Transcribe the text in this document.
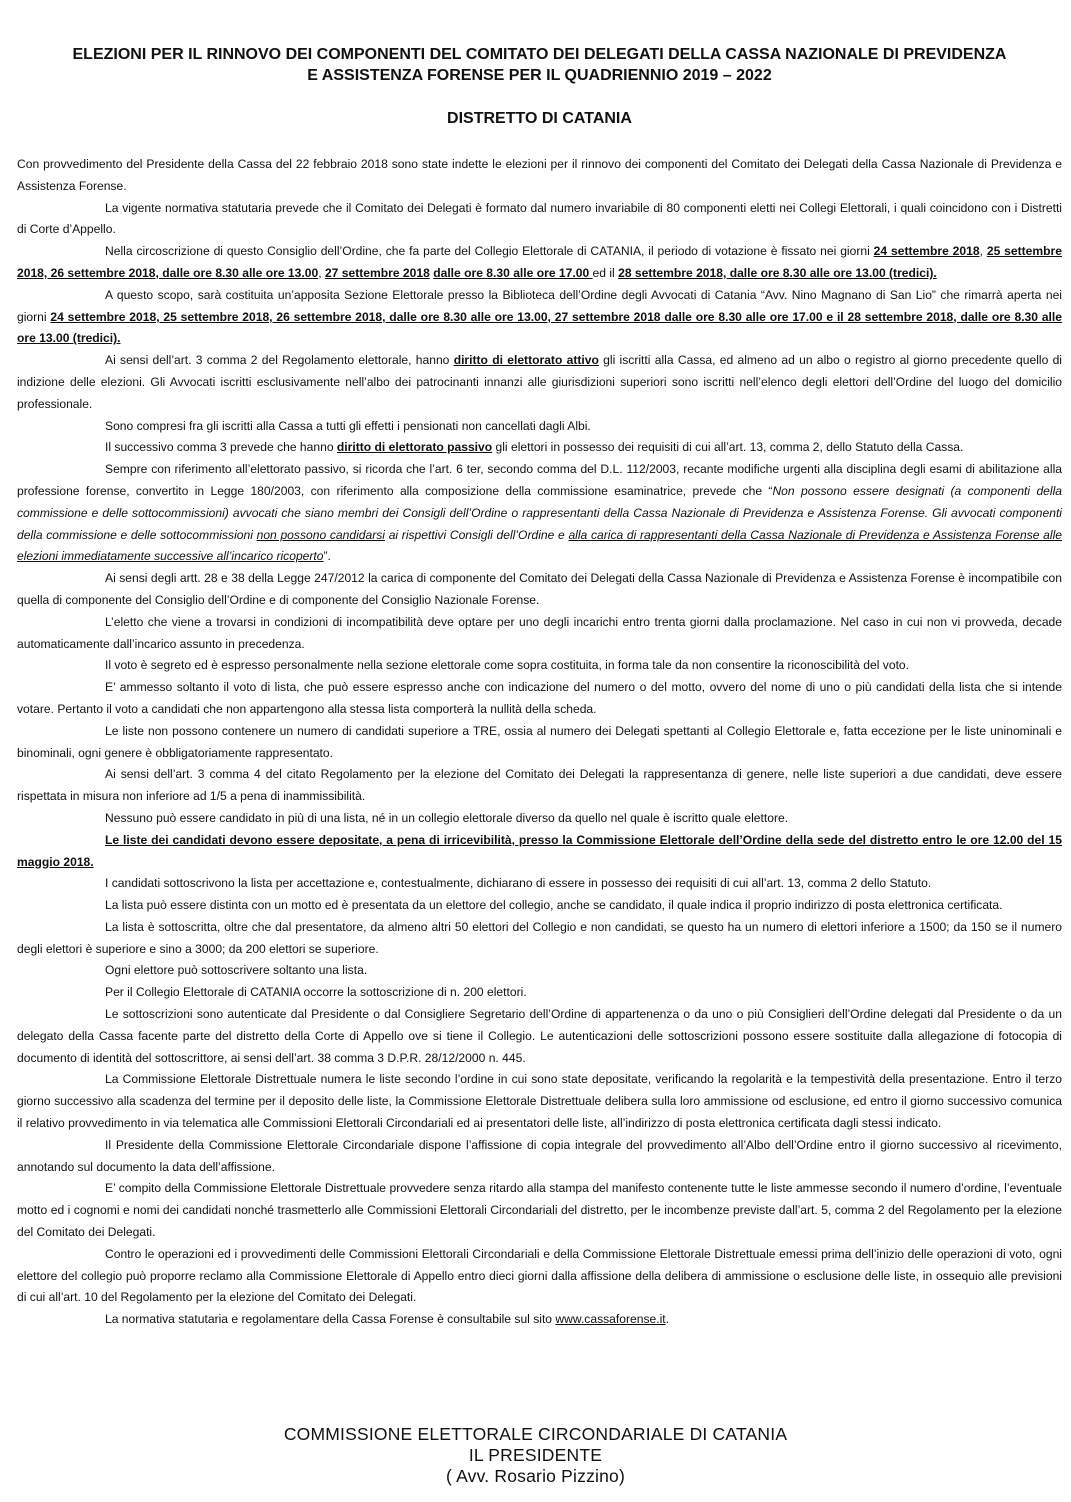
ELEZIONI PER IL RINNOVO DEI COMPONENTI DEL COMITATO DEI DELEGATI DELLA CASSA NAZIONALE DI PREVIDENZA
E ASSISTENZA FORENSE PER IL QUADRIENNIO 2019 – 2022
DISTRETTO DI CATANIA

Con provvedimento del Presidente della Cassa del 22 febbraio 2018 sono state indette le elezioni per il rinnovo dei componenti del Comitato dei Delegati della Cassa Nazionale di Previdenza e Assistenza Forense.

La vigente normativa statutaria prevede che il Comitato dei Delegati è formato dal numero invariabile di 80 componenti eletti nei Collegi Elettorali, i quali coincidono con i Distretti di Corte d’Appello.

Nella circoscrizione di questo Consiglio dell’Ordine, che fa parte del Collegio Elettorale di CATANIA, il periodo di votazione è fissato nei giorni 24 settembre 2018, 25 settembre 2018, 26 settembre 2018, dalle ore 8.30 alle ore 13.00, 27 settembre 2018 dalle ore 8.30 alle ore 17.00 ed il 28 settembre 2018, dalle ore 8.30 alle ore 13.00 (tredici).

A questo scopo, sarà costituita un’apposita Sezione Elettorale presso la Biblioteca dell’Ordine degli Avvocati di Catania “Avv. Nino Magnano di San Lio” che rimarrà aperta nei giorni 24 settembre 2018, 25 settembre 2018, 26 settembre 2018, dalle ore 8.30 alle ore 13.00, 27 settembre 2018 dalle ore 8.30 alle ore 17.00 e il 28 settembre 2018, dalle ore 8.30 alle ore 13.00 (tredici).

Ai sensi dell’art. 3 comma 2 del Regolamento elettorale, hanno diritto di elettorato attivo gli iscritti alla Cassa, ed almeno ad un albo o registro al giorno precedente quello di indizione delle elezioni. Gli Avvocati iscritti esclusivamente nell’albo dei patrocinanti innanzi alle giurisdizioni superiori sono iscritti nell’elenco degli elettori dell’Ordine del luogo del domicilio professionale.

Sono compresi fra gli iscritti alla Cassa a tutti gli effetti i pensionati non cancellati dagli Albi.

Il successivo comma 3 prevede che hanno diritto di elettorato passivo gli elettori in possesso dei requisiti di cui all’art. 13, comma 2, dello Statuto della Cassa.

Sempre con riferimento all’elettorato passivo, si ricorda che l’art. 6 ter, secondo comma del D.L. 112/2003, recante modifiche urgenti alla disciplina degli esami di abilitazione alla professione forense, convertito in Legge 180/2003, con riferimento alla composizione della commissione esaminatrice, prevede che “Non possono essere designati (a componenti della commissione e delle sottocommissioni) avvocati che siano membri dei Consigli dell’Ordine o rappresentanti della Cassa Nazionale di Previdenza e Assistenza Forense. Gli avvocati componenti della commissione e delle sottocommissioni non possono candidarsi ai rispettivi Consigli dell’Ordine e alla carica di rappresentanti della Cassa Nazionale di Previdenza e Assistenza Forense alle elezioni immediatamente successive all’incarico ricoperto”.

Ai sensi degli artt. 28 e 38 della Legge 247/2012 la carica di componente del Comitato dei Delegati della Cassa Nazionale di Previdenza e Assistenza Forense è incompatibile con quella di componente del Consiglio dell’Ordine e di componente del Consiglio Nazionale Forense.

L’eletto che viene a trovarsi in condizioni di incompatibilità deve optare per uno degli incarichi entro trenta giorni dalla proclamazione. Nel caso in cui non vi provveda, decade automaticamente dall’incarico assunto in precedenza.

Il voto è segreto ed è espresso personalmente nella sezione elettorale come sopra costituita, in forma tale da non consentire la riconoscibilità del voto.

E’ ammesso soltanto il voto di lista, che può essere espresso anche con indicazione del numero o del motto, ovvero del nome di uno o più candidati della lista che si intende votare. Pertanto il voto a candidati che non appartengono alla stessa lista comporterà la nullità della scheda.

Le liste non possono contenere un numero di candidati superiore a TRE, ossia al numero dei Delegati spettanti al Collegio Elettorale e, fatta eccezione per le liste uninominali e binominali, ogni genere è obbligatoriamente rappresentato.

Ai sensi dell’art. 3 comma 4 del citato Regolamento per la elezione del Comitato dei Delegati la rappresentanza di genere, nelle liste superiori a due candidati, deve essere rispettata in misura non inferiore ad 1/5 a pena di inammissibilità.

Nessuno può essere candidato in più di una lista, né in un collegio elettorale diverso da quello nel quale è iscritto quale elettore.

Le liste dei candidati devono essere depositate, a pena di irricevibilità, presso la Commissione Elettorale dell’Ordine della sede del distretto entro le ore 12.00 del 15 maggio 2018.

I candidati sottoscrivono la lista per accettazione e, contestualmente, dichiarano di essere in possesso dei requisiti di cui all’art. 13, comma 2 dello Statuto.

La lista può essere distinta con un motto ed è presentata da un elettore del collegio, anche se candidato, il quale indica il proprio indirizzo di posta elettronica certificata.

La lista è sottoscritta, oltre che dal presentatore, da almeno altri 50 elettori del Collegio e non candidati, se questo ha un numero di elettori inferiore a 1500; da 150 se il numero degli elettori è superiore e sino a 3000; da 200 elettori se superiore.

Ogni elettore può sottoscrivere soltanto una lista.

Per il Collegio Elettorale di CATANIA occorre la sottoscrizione di n. 200 elettori.

Le sottoscrizioni sono autenticate dal Presidente o dal Consigliere Segretario dell’Ordine di appartenenza o da uno o più Consiglieri dell’Ordine delegati dal Presidente o da un delegato della Cassa facente parte del distretto della Corte di Appello ove si tiene il Collegio. Le autenticazioni delle sottoscrizioni possono essere sostituite dalla allegazione di fotocopia di documento di identità del sottoscrittore, ai sensi dell’art. 38 comma 3 D.P.R. 28/12/2000 n. 445.

La Commissione Elettorale Distrettuale numera le liste secondo l’ordine in cui sono state depositate, verificando la regolarità e la tempestività della presentazione. Entro il terzo giorno successivo alla scadenza del termine per il deposito delle liste, la Commissione Elettorale Distrettuale delibera sulla loro ammissione od esclusione, ed entro il giorno successivo comunica il relativo provvedimento in via telematica alle Commissioni Elettorali Circondariali ed ai presentatori delle liste, all’indirizzo di posta elettronica certificata dagli stessi indicato.

Il Presidente della Commissione Elettorale Circondariale dispone l’affissione di copia integrale del provvedimento all’Albo dell’Ordine entro il giorno successivo al ricevimento, annotando sul documento la data dell’affissione.

E’ compito della Commissione Elettorale Distrettuale provvedere senza ritardo alla stampa del manifesto contenente tutte le liste ammesse secondo il numero d’ordine, l’eventuale motto ed i cognomi e nomi dei candidati nonché trasmetterlo alle Commissioni Elettorali Circondariali del distretto, per le incombenze previste dall’art. 5, comma 2 del Regolamento per la elezione del Comitato dei Delegati.

Contro le operazioni ed i provvedimenti delle Commissioni Elettorali Circondariali e della Commissione Elettorale Distrettuale emessi prima dell’inizio delle operazioni di voto, ogni elettore del collegio può proporre reclamo alla Commissione Elettorale di Appello entro dieci giorni dalla affissione della delibera di ammissione o esclusione delle liste, in ossequio alle previsioni di cui all’art. 10 del Regolamento per la elezione del Comitato dei Delegati.

La normativa statutaria e regolamentare della Cassa Forense è consultabile sul sito www.cassaforense.it.

COMMISSIONE ELETTORALE CIRCONDARIALE DI CATANIA
IL PRESIDENTE
( Avv. Rosario Pizzino)
